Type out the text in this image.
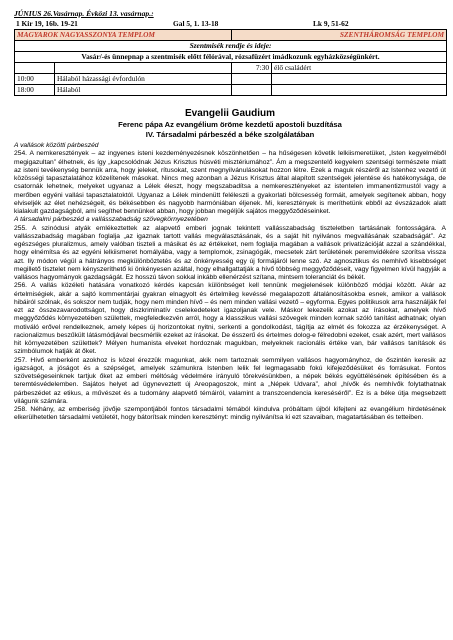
JÚNIUS 26.Vasárnap. Évközi 13. vasárnap.:
1 Kir 19, 16b. 19-21	Gal 5, 1. 13-18	Lk 9, 51-62
MAGYAROK NAGYASSZONYA TEMPLOM		SZENTHÁROMSÁG TEMPLOM	
Szentmisék rendje és ideje:			
Vasár/-és ünnepnap a szentmisék előtt félórával, rózsafüzért imádkozunk egyházközségünkért.			
		7:30	élő családért
10:00	Hálaból házassági évfordulón		
18:00	Hálaból		
Evangelii Gaudium
Ferenc pápa Az evangélium öröme kezdetű apostoli buzdítása
IV. Társadalmi párbeszéd a béke szolgálatában

A vallások közötti párbeszéd

254. A nemkeresztények – az ingyenes isteni kezdeményezésnek köszönhetően – ha hűségesen követik lelkiismeretüket, „Isten kegyelméből megigazultan” élhetnek, és így „kapcsolódnak Jézus Krisztus húsvéti misztériumához”. Ám a megszentelő kegyelem szentségi természete miatt az isteni tevékenység bennük arra, hogy jeleket, rítusokat, szent megnyilvánulásokat hozzon létre. Ezek a maguk részéről az Istenhez vezető út közösségi tapasztalatához közelítenek másokat. Nincs meg azonban a Jézus Krisztus által alapított szentségek jelentése és hatékonysága, de csatornák lehetnek, melyeket ugyanaz a Lélek éleszt, hogy megszabadítsa a nemkeresztényeket az istentelen immanentizmustól vagy a merőben egyéni vallási tapasztalatoktól. Ugyanaz a Lélek mindenütt feléleszti a gyakorlati bölcsesség formáit, amelyek segítenek abban, hogy elviseljék az élet nehézségeit, és békésebben és nagyobb harmóniában éljenek. Mi, keresztények is meríthetünk ebből az évszázadok alatt kialakult gazdagságból, ami segíthet bennünket abban, hogy jobban megéljük sajátos meggyőződéseinket.

A társadalmi párbeszéd a vallásszabadság szövegkörnyezetében

255. A szinódusi atyák emlékeztettek az alapvető emberi jognak tekintett vallásszabadság tiszteletben tartásának fontosságára. A vallásszabadság magában foglalja „az igaznak tartott vallás megválasztásának, és a saját hit nyilvános megvallásának szabadságát”. Az egészséges pluralizmus, amely valóban tiszteli a másikat és az értékeket, nem foglalja magában a vallások privatizációját azzal a szándékkal, hogy elnémítsa és az egyéni lelkiismeret homályába, vagy a templomok, zsinagógák, mecsetek zárt területének peremvidékére szorítsa vissza azt. Ily módon végül a hátrányos megkülönböztetés és az önkényesség egy új formájáról lenne szó. Az agnosztikus és nemhívő kisebbséget megillető tisztelet nem kényszeríthető ki önkényesen azáltal, hogy elhallgattatják a hívő többség meggyőződéseit, vagy figyelmen kívül hagyják a vallásos hagyományok gazdagságát. Ez hosszú távon sokkal inkább ellenérzést szítana, mintsem toleranciát és békét.

256. A vallás közéleti hatására vonatkozó kérdés kapcsán különbséget kell tennünk megjelenések különböző módjai között. Akár az értelmiségiek, akár a sajtó kommentárjai gyakran elnagyolt és értelmileg kevéssé megalapozott általánosításokba esnek, amikor a vallások hibáiról szólnak, és sokszor nem tudják, hogy nem minden hívő – és nem minden vallási vezető – egyforma. Egyes politikusok arra használják fel ezt az összezavarodottságot, hogy diszkriminatív cselekedeteket igazoljanak vele. Máskor lekezelik azokat az írásokat, amelyek hívő meggyőződés környezetében születtek, megfeledkezvén arról, hogy a klasszikus vallási szövegek minden kornak szóló tanítást adhatnak; olyan motiváló erővel rendelkeznek, amely képes új horizontokat nyitni, serkenti a gondolkodást, tágítja az elmét és fokozza az érzékenységet. A racionalizmus beszűkült látásmódjával becsmérlik ezeket az írásokat. De ésszerű és értelmes dolog-e félredobni ezeket, csak azért, mert vallásos hit környezetében születtek? Mélyen humanista elveket hordoznak magukban, melyeknek racionális értéke van, bár vallásos tanítások és szimbólumok hatják át őket.

257. Hívő emberként azokhoz is közel érezzük magunkat, akik nem tartoznak semmilyen vallásos hagyományhoz, de őszintén keresik az igazságot, a jóságot és a szépséget, amelyek számunkra Istenben lelik fel legmagasabb fokú kifejeződésüket és forrásukat. Fontos szövetségeseinknek tartjuk őket az emberi méltóság védelmére irányuló törekvésünkben, a népek békés együttélésének építésében és a teremtésvédelemben. Sajátos helyet ad ügyneveztett új Areopagoszok, mint a „Népek Udvara”, ahol „hívők és nemhívők folytathatnak párbeszédet az etikus, a művészet és a tudomány alapvető témáiról, valamint a transzcendencia kereséséről”. Ez is a béke útja megsebzett világunk számára.

258. Néhány, az emberiség jövője szempontjából fontos társadalmi témából kiindulva próbáltam újból kifejteni az evangélium hirdetésének elkerülhetetlen társadalmi vetületét, hogy bátorítsak minden keresztényt: mindig nyilvánítsa ki ezt szavaiban, magatartásában és tetteiben.
